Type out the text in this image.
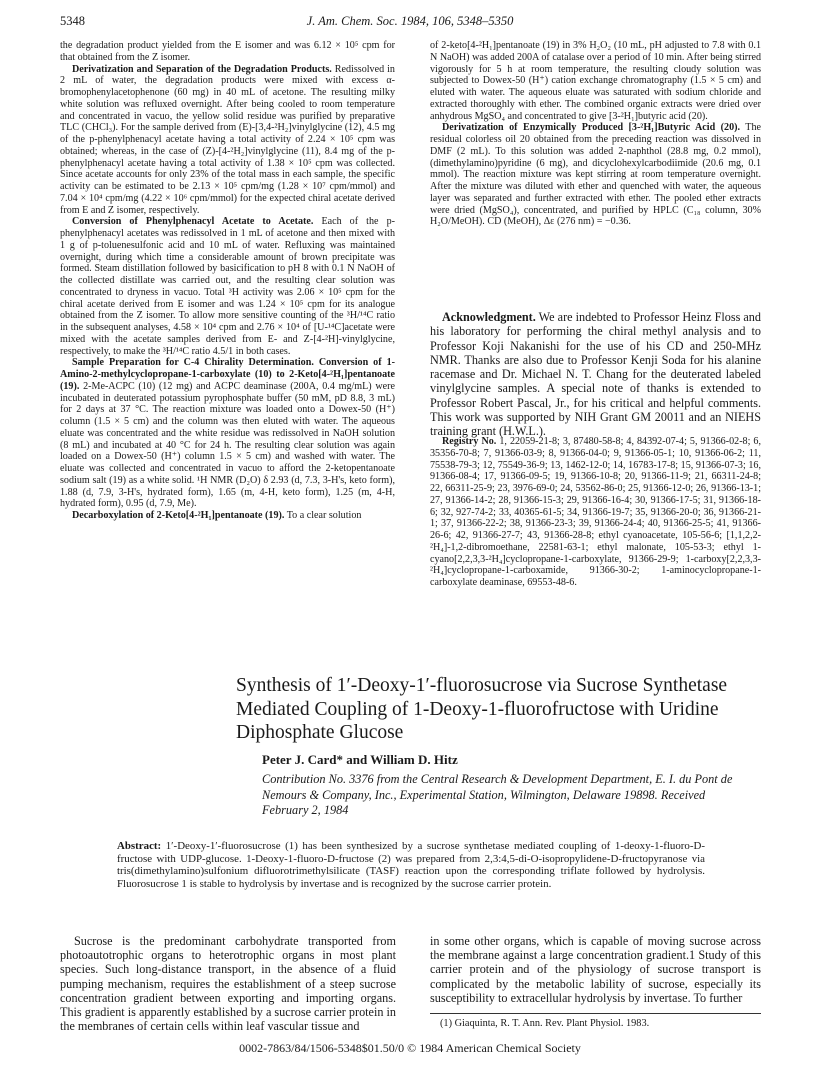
5348	J. Am. Chem. Soc. 1984, 106, 5348–5350

the degradation product yielded from the E isomer and was 6.12 × 10⁵ cpm for that obtained from the Z isomer.

Derivatization and Separation of the Degradation Products. Redissolved in 2 mL of water, the degradation products were mixed with excess α-bromophenylacetophenone (60 mg) in 40 mL of acetone. The resulting milky white solution was refluxed overnight. After being cooled to room temperature and concentrated in vacuo, the yellow solid residue was purified by preparative TLC (CHCl₃). For the sample derived from (E)-[3,4-²H₂]vinylglycine (12), 4.5 mg of the p-phenylphenacyl acetate having a total activity of 2.24 × 10⁵ cpm was obtained; whereas, in the case of (Z)-[4-²H₂]vinylglycine (11), 8.4 mg of the p-phenylphenacyl acetate having a total activity of 1.38 × 10⁵ cpm was collected. Since acetate accounts for only 23% of the total mass in each sample, the specific activity can be estimated to be 2.13 × 10⁵ cpm/mg (1.28 × 10⁷ cpm/mmol) and 7.04 × 10⁴ cpm/mg (4.22 × 10⁶ cpm/mmol) for the expected chiral acetate derived from E and Z isomer, respectively.

Conversion of Phenylphenacyl Acetate to Acetate. Each of the p-phenylphenacyl acetates was redissolved in 1 mL of acetone and then mixed with 1 g of p-toluenesulfonic acid and 10 mL of water. Refluxing was maintained overnight, during which time a considerable amount of brown precipitate was formed. Steam distillation followed by basicification to pH 8 with 0.1 N NaOH of the collected distillate was carried out, and the resulting clear solution was concentrated to dryness in vacuo. Total ³H activity was 2.06 × 10⁵ cpm for the chiral acetate derived from E isomer and was 1.24 × 10⁵ cpm for its analogue obtained from the Z isomer. To allow more sensitive counting of the ³H/¹⁴C ratio in the subsequent analyses, 4.58 × 10⁴ cpm and 2.76 × 10⁴ of [U-¹⁴C]acetate were mixed with the acetate samples derived from E- and Z-[4-²H]-vinylglycine, respectively, to make the ³H/¹⁴C ratio 4.5/1 in both cases.

Sample Preparation for C-4 Chirality Determination. Conversion of 1-Amino-2-methylcyclopropane-1-carboxylate (10) to 2-Keto[4-²H₁]pentanoate (19). 2-Me-ACPC (10) (12 mg) and ACPC deaminase (200A, 0.4 mg/mL) were incubated in deuterated potassium pyrophosphate buffer (50 mM, pD 8.8, 3 mL) for 2 days at 37 °C. The reaction mixture was loaded onto a Dowex-50 (H⁺) column (1.5 × 5 cm) and the column was then eluted with water. The aqueous eluate was concentrated and the white residue was redissolved in NaOH solution (8 mL) and incubated at 40 °C for 24 h. The resulting clear solution was again loaded on a Dowex-50 (H⁺) column 1.5 × 5 cm) and washed with water. The eluate was collected and concentrated in vacuo to afford the 2-ketopentanoate sodium salt (19) as a white solid. ¹H NMR (D₂O) δ 2.93 (d, 7.3, 3-H's, keto form), 1.88 (d, 7.9, 3-H's, hydrated form), 1.65 (m, 4-H, keto form), 1.25 (m, 4-H, hydrated form), 0.95 (d, 7.9, Me).

Decarboxylation of 2-Keto[4-²H₁]pentanoate (19). To a clear solution

of 2-keto[4-²H₁]pentanoate (19) in 3% H₂O₂ (10 mL, pH adjusted to 7.8 with 0.1 N NaOH) was added 200A of catalase over a period of 10 min. After being stirred vigorously for 5 h at room temperature, the resulting cloudy solution was subjected to Dowex-50 (H⁺) cation exchange chromatography (1.5 × 5 cm) and eluted with water. The aqueous eluate was saturated with sodium chloride and extracted thoroughly with ether. The combined organic extracts were dried over anhydrous MgSO₄ and concentrated to give [3-²H₁]butyric acid (20).

Derivatization of Enzymically Produced [3-²H₁]Butyric Acid (20). The residual colorless oil 20 obtained from the preceding reaction was dissolved in DMF (2 mL). To this solution was added 2-naphthol (28.8 mg, 0.2 mmol), (dimethylamino)pyridine (6 mg), and dicyclohexylcarbodiimide (20.6 mg, 0.1 mmol). The reaction mixture was kept stirring at room temperature overnight. After the mixture was diluted with ether and quenched with water, the aqueous layer was separated and further extracted with ether. The pooled ether extracts were dried (MgSO₄), concentrated, and purified by HPLC (C₁₈ column, 30% H₂O/MeOH). CD (MeOH), Δε (276 nm) = −0.36.

Acknowledgment. We are indebted to Professor Heinz Floss and his laboratory for performing the chiral methyl analysis and to Professor Koji Nakanishi for the use of his CD and 250-MHz NMR. Thanks are also due to Professor Kenji Soda for his alanine racemase and Dr. Michael N. T. Chang for the deuterated labeled vinylglycine samples. A special note of thanks is extended to Professor Robert Pascal, Jr., for his critical and helpful comments. This work was supported by NIH Grant GM 20011 and an NIEHS training grant (H.W.L.).

Registry No. 1, 22059-21-8; 3, 87480-58-8; 4, 84392-07-4; 5, 91366-02-8; 6, 35356-70-8; 7, 91366-03-9; 8, 91366-04-0; 9, 91366-05-1; 10, 91366-06-2; 11, 75538-79-3; 12, 75549-36-9; 13, 1462-12-0; 14, 16783-17-8; 15, 91366-07-3; 16, 91366-08-4; 17, 91366-09-5; 19, 91366-10-8; 20, 91366-11-9; 21, 66311-24-8; 22, 66311-25-9; 23, 3976-69-0; 24, 53562-86-0; 25, 91366-12-0; 26, 91366-13-1; 27, 91366-14-2; 28, 91366-15-3; 29, 91366-16-4; 30, 91366-17-5; 31, 91366-18-6; 32, 927-74-2; 33, 40365-61-5; 34, 91366-19-7; 35, 91366-20-0; 36, 91366-21-1; 37, 91366-22-2; 38, 91366-23-3; 39, 91366-24-4; 40, 91366-25-5; 41, 91366-26-6; 42, 91366-27-7; 43, 91366-28-8; ethyl cyanoacetate, 105-56-6; [1,1,2,2-²H₄]-1,2-dibromoethane, 22581-63-1; ethyl malonate, 105-53-3; ethyl 1-cyano[2,2,3,3-²H₄]cyclopropane-1-carboxylate, 91366-29-9; 1-carboxy[2,2,3,3-²H₄]cyclopropane-1-carboxamide, 91366-30-2; 1-aminocyclopropane-1-carboxylate deaminase, 69553-48-6.

Synthesis of 1′-Deoxy-1′-fluorosucrose via Sucrose Synthetase Mediated Coupling of 1-Deoxy-1-fluorofructose with Uridine Diphosphate Glucose
Peter J. Card* and William D. Hitz
Contribution No. 3376 from the Central Research & Development Department, E. I. du Pont de Nemours & Company, Inc., Experimental Station, Wilmington, Delaware 19898. Received February 2, 1984
Abstract: 1′-Deoxy-1′-fluorosucrose (1) has been synthesized by a sucrose synthetase mediated coupling of 1-deoxy-1-fluoro-D-fructose with UDP-glucose. 1-Deoxy-1-fluoro-D-fructose (2) was prepared from 2,3:4,5-di-O-isopropylidene-D-fructopyranose via tris(dimethylamino)sulfonium difluorotrimethylsilicate (TASF) reaction upon the corresponding triflate followed by hydrolysis. Fluorosucrose 1 is stable to hydrolysis by invertase and is recognized by the sucrose carrier protein.

Sucrose is the predominant carbohydrate transported from photoautotrophic organs to heterotrophic organs in most plant species. Such long-distance transport, in the absence of a fluid pumping mechanism, requires the establishment of a steep sucrose concentration gradient between exporting and importing organs. This gradient is apparently established by a sucrose carrier protein in the membranes of certain cells within leaf vascular tissue and

in some other organs, which is capable of moving sucrose across the membrane against a large concentration gradient.1 Study of this carrier protein and of the physiology of sucrose transport is complicated by the metabolic lability of sucrose, especially its susceptibility to extracellular hydrolysis by invertase. To further

(1) Giaquinta, R. T. Ann. Rev. Plant Physiol. 1983.
0002-7863/84/1506-5348$01.50/0 © 1984 American Chemical Society
